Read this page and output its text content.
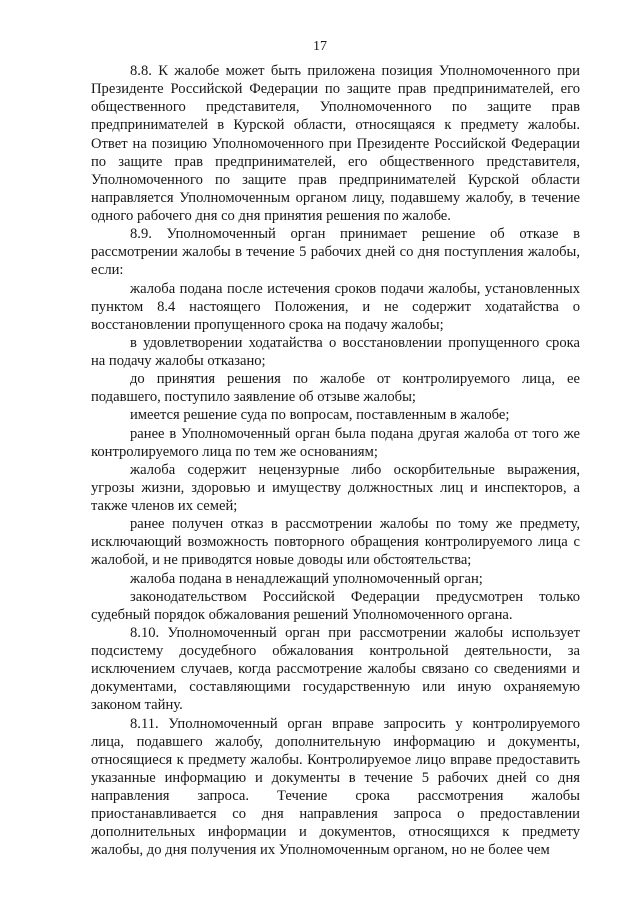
17

8.8. К жалобе может быть приложена позиция Уполномоченного при Президенте Российской Федерации по защите прав предпринимателей, его общественного представителя, Уполномоченного по защите прав предпринимателей в Курской области, относящаяся к предмету жалобы. Ответ на позицию Уполномоченного при Президенте Российской Федерации по защите прав предпринимателей, его общественного представителя, Уполномоченного по защите прав предпринимателей Курской области направляется Уполномоченным органом лицу, подавшему жалобу, в течение одного рабочего дня со дня принятия решения по жалобе.

8.9. Уполномоченный орган принимает решение об отказе в рассмотрении жалобы в течение 5 рабочих дней со дня поступления жалобы, если:

жалоба подана после истечения сроков подачи жалобы, установленных пунктом 8.4 настоящего Положения, и не содержит ходатайства о восстановлении пропущенного срока на подачу жалобы;

в удовлетворении ходатайства о восстановлении пропущенного срока на подачу жалобы отказано;

до принятия решения по жалобе от контролируемого лица, ее подавшего, поступило заявление об отзыве жалобы;

имеется решение суда по вопросам, поставленным в жалобе;

ранее в Уполномоченный орган была подана другая жалоба от того же контролируемого лица по тем же основаниям;

жалоба содержит нецензурные либо оскорбительные выражения, угрозы жизни, здоровью и имуществу должностных лиц и инспекторов, а также членов их семей;

ранее получен отказ в рассмотрении жалобы по тому же предмету, исключающий возможность повторного обращения контролируемого лица с жалобой, и не приводятся новые доводы или обстоятельства;

жалоба подана в ненадлежащий уполномоченный орган;

законодательством Российской Федерации предусмотрен только судебный порядок обжалования решений Уполномоченного органа.

8.10. Уполномоченный орган при рассмотрении жалобы использует подсистему досудебного обжалования контрольной деятельности, за исключением случаев, когда рассмотрение жалобы связано со сведениями и документами, составляющими государственную или иную охраняемую законом тайну.

8.11. Уполномоченный орган вправе запросить у контролируемого лица, подавшего жалобу, дополнительную информацию и документы, относящиеся к предмету жалобы. Контролируемое лицо вправе предоставить указанные информацию и документы в течение 5 рабочих дней со дня направления запроса. Течение срока рассмотрения жалобы приостанавливается со дня направления запроса о предоставлении дополнительных информации и документов, относящихся к предмету жалобы, до дня получения их Уполномоченным органом, но не более чем
